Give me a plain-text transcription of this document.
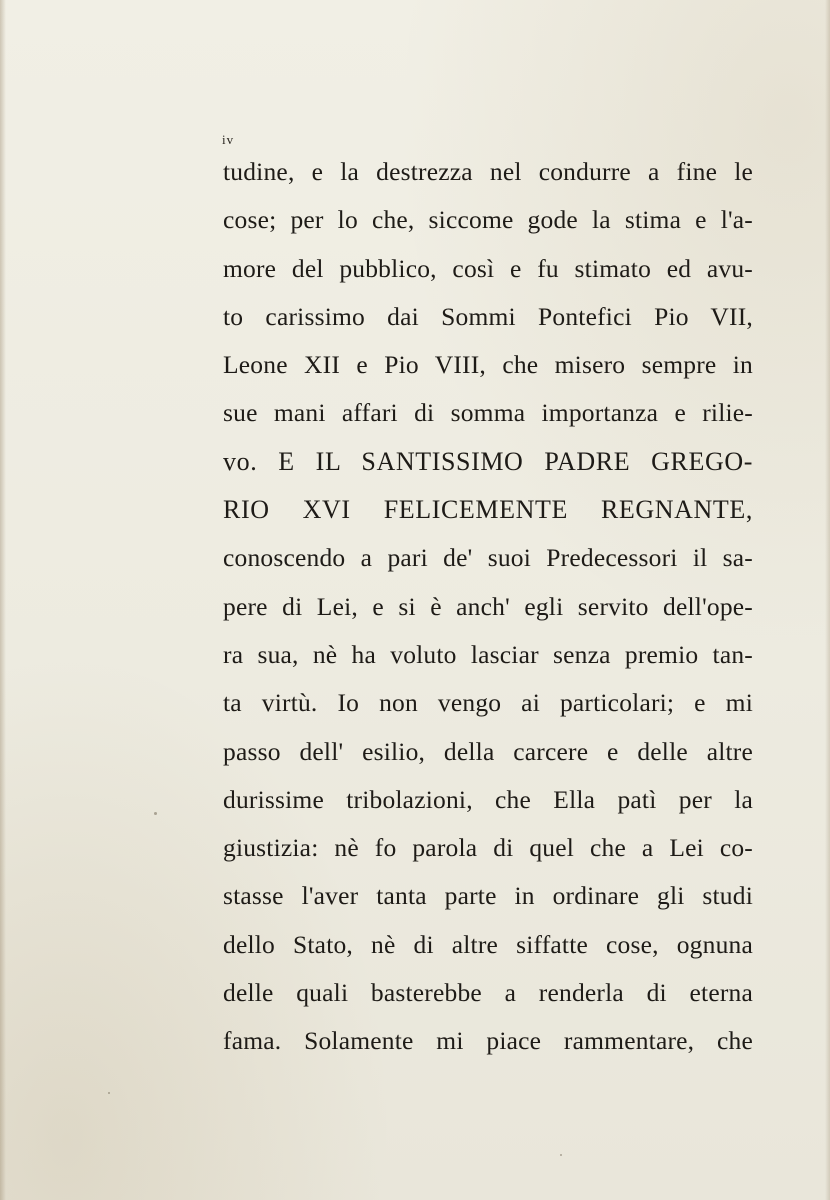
iv
tudine, e la destrezza nel condurre a fine le
cose; per lo che, siccome gode la stima e l'a-
more del pubblico, così e fu stimato ed avu-
to carissimo dai Sommi Pontefici Pio VII,
Leone XII e Pio VIII, che misero sempre in
sue mani affari di somma importanza e rilie-
vo. E IL SANTISSIMO PADRE GREGO-
RIO XVI FELICEMENTE REGNANTE,
conoscendo a pari de' suoi Predecessori il sa-
pere di Lei, e si è anch' egli servito dell'ope-
ra sua, nè ha voluto lasciar senza premio tan-
ta virtù. Io non vengo ai particolari; e mi
passo dell' esilio, della carcere e delle altre
durissime tribolazioni, che Ella patì per la
giustizia: nè fo parola di quel che a Lei co-
stasse l'aver tanta parte in ordinare gli studi
dello Stato, nè di altre siffatte cose, ognuna
delle quali basterebbe a renderla di eterna
fama. Solamente mi piace rammentare, che
